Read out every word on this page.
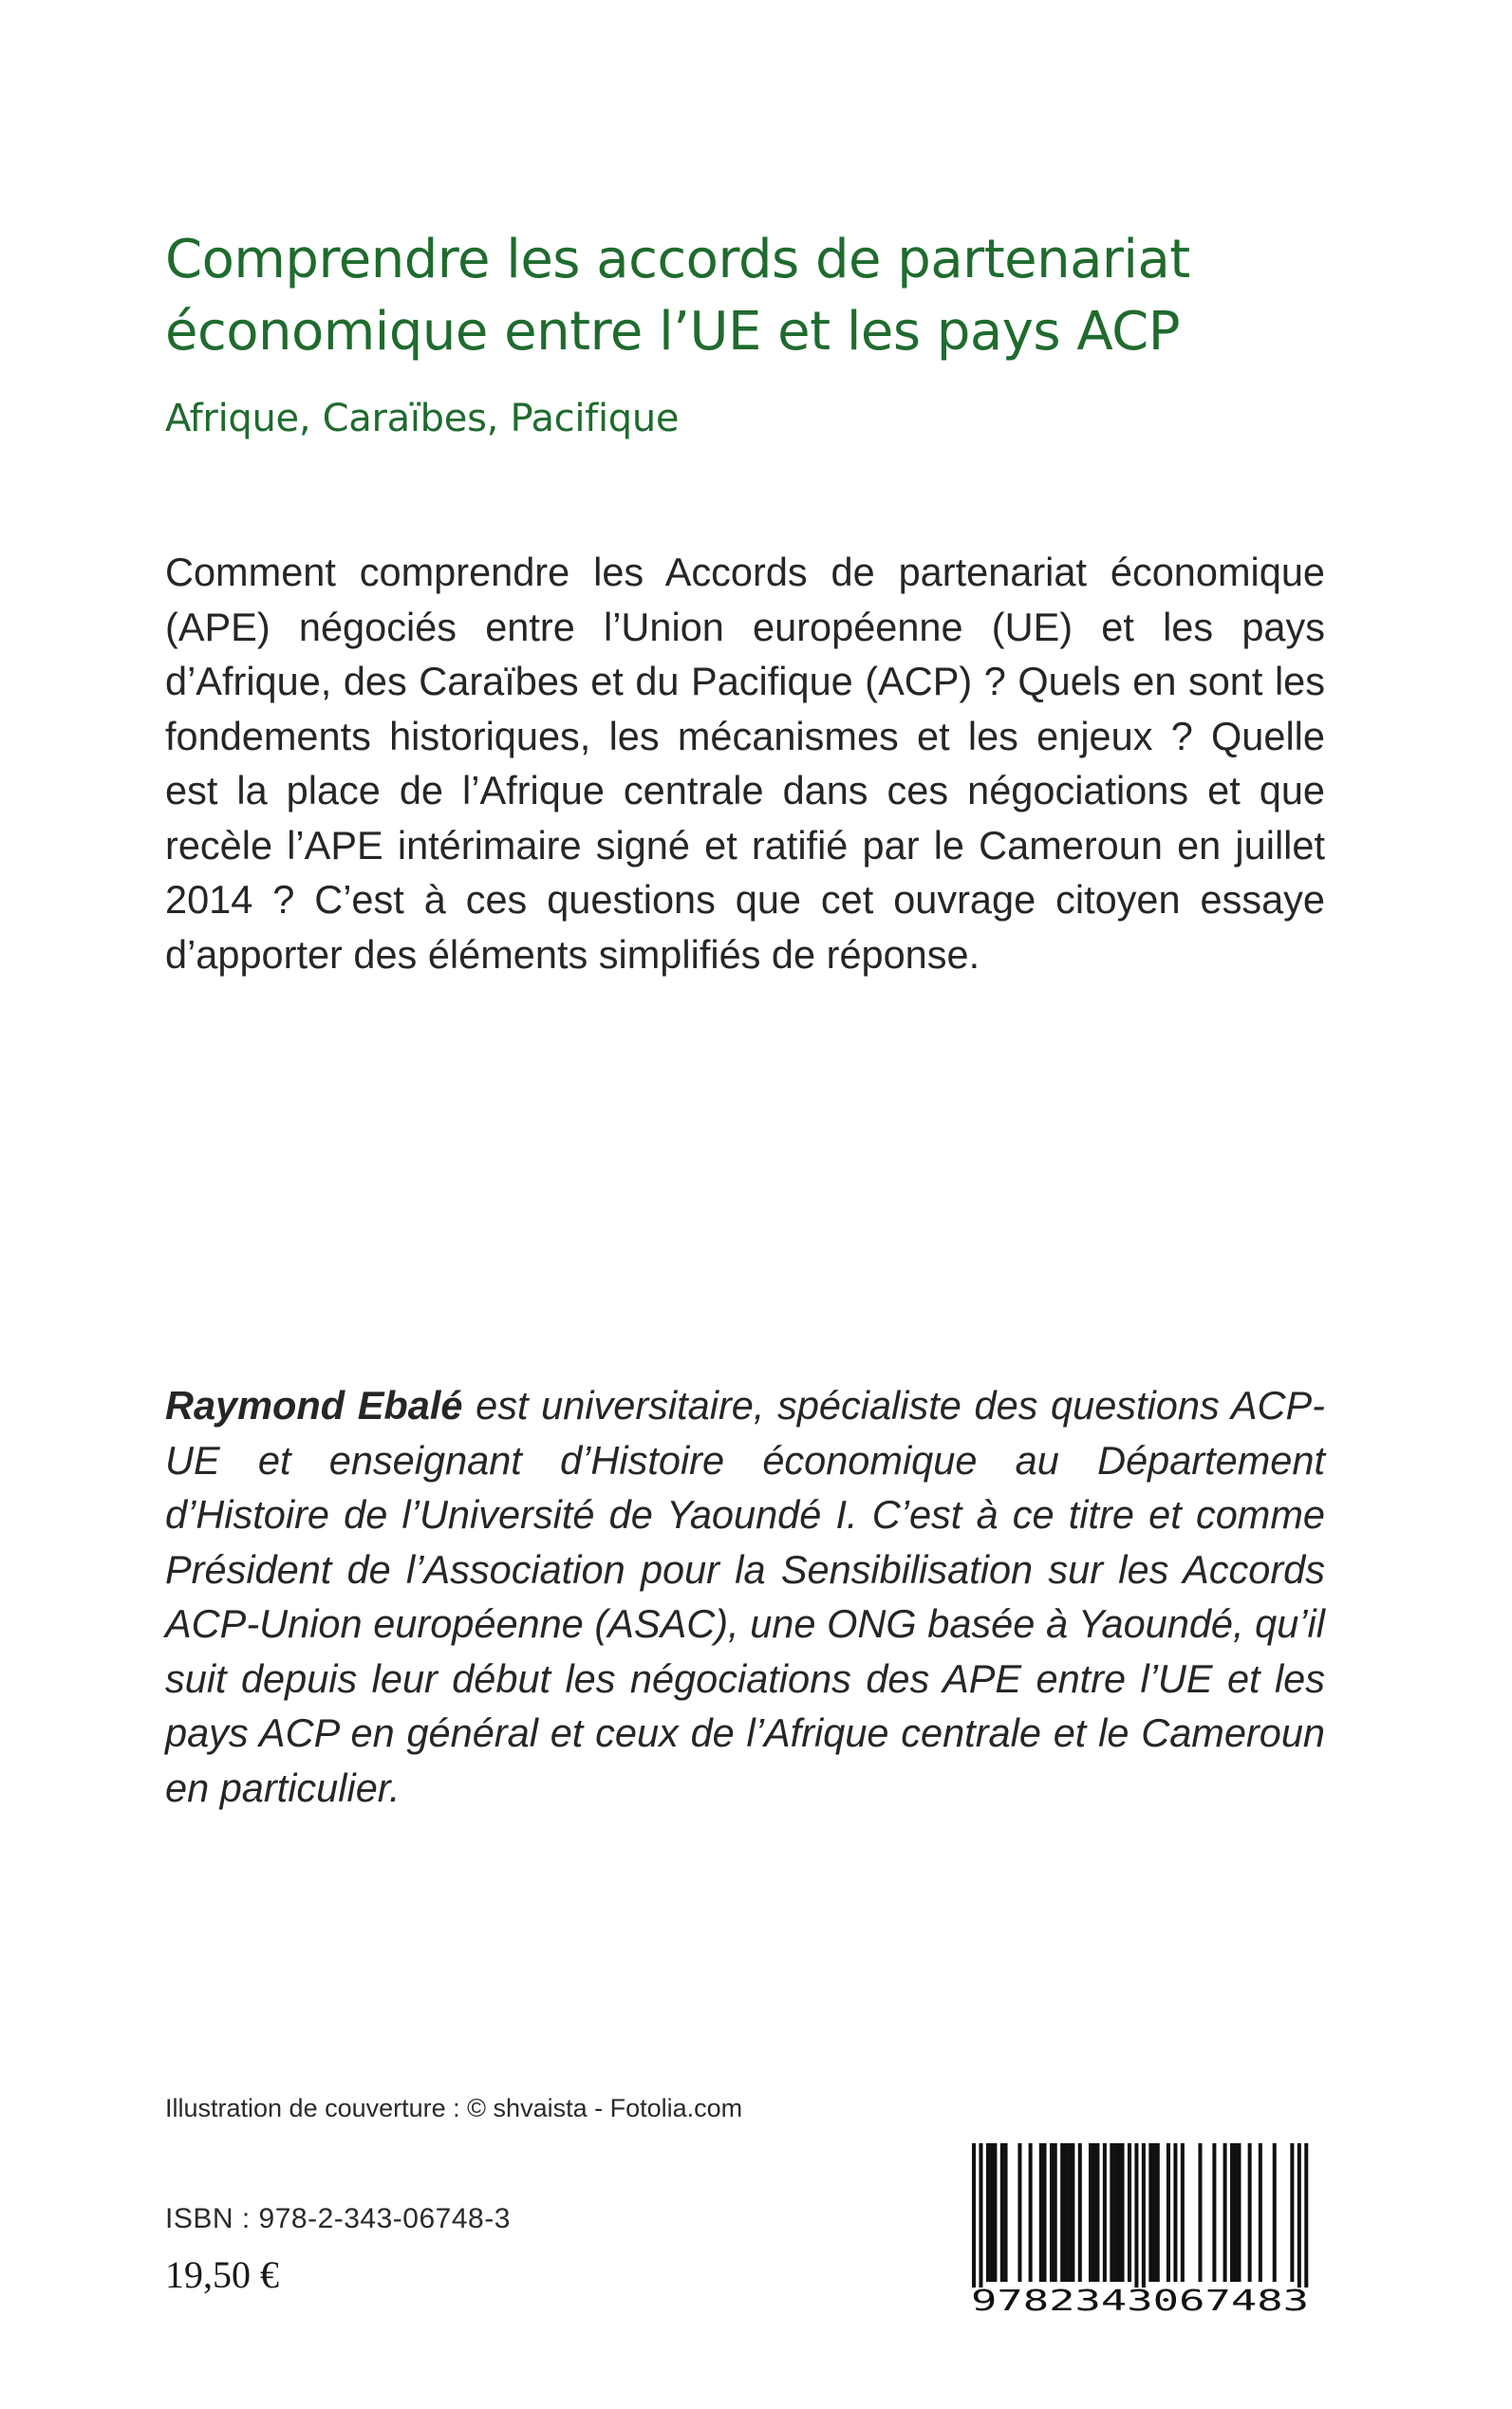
Comprendre les accords de partenariat
économique entre l’UE et les pays ACP
Afrique, Caraïbes, Pacifique

Comment comprendre les Accords de partenariat économique (APE) négociés entre l’Union européenne (UE) et les pays d’Afrique, des Caraïbes et du Pacifique (ACP) ? Quels en sont les fondements historiques, les mécanismes et les enjeux ? Quelle est la place de l’Afrique centrale dans ces négociations et que recèle l’APE intérimaire signé et ratifié par le Cameroun en juillet 2014 ? C’est à ces questions que cet ouvrage citoyen essaye d’apporter des éléments simplifiés de réponse.

Raymond Ebalé est universitaire, spécialiste des questions ACP-UE et enseignant d’Histoire économique au Département d’Histoire de l’Université de Yaoundé I. C’est à ce titre et comme Président de l’Association pour la Sensibilisation sur les Accords ACP-Union européenne (ASAC), une ONG basée à Yaoundé, qu’il suit depuis leur début les négociations des APE entre l’UE et les pays ACP en général et ceux de l’Afrique centrale et le Cameroun en particulier.

Illustration de couverture : © shvaista - Fotolia.com
ISBN : 978-2-343-06748-3
19,50 €
9782343067483
